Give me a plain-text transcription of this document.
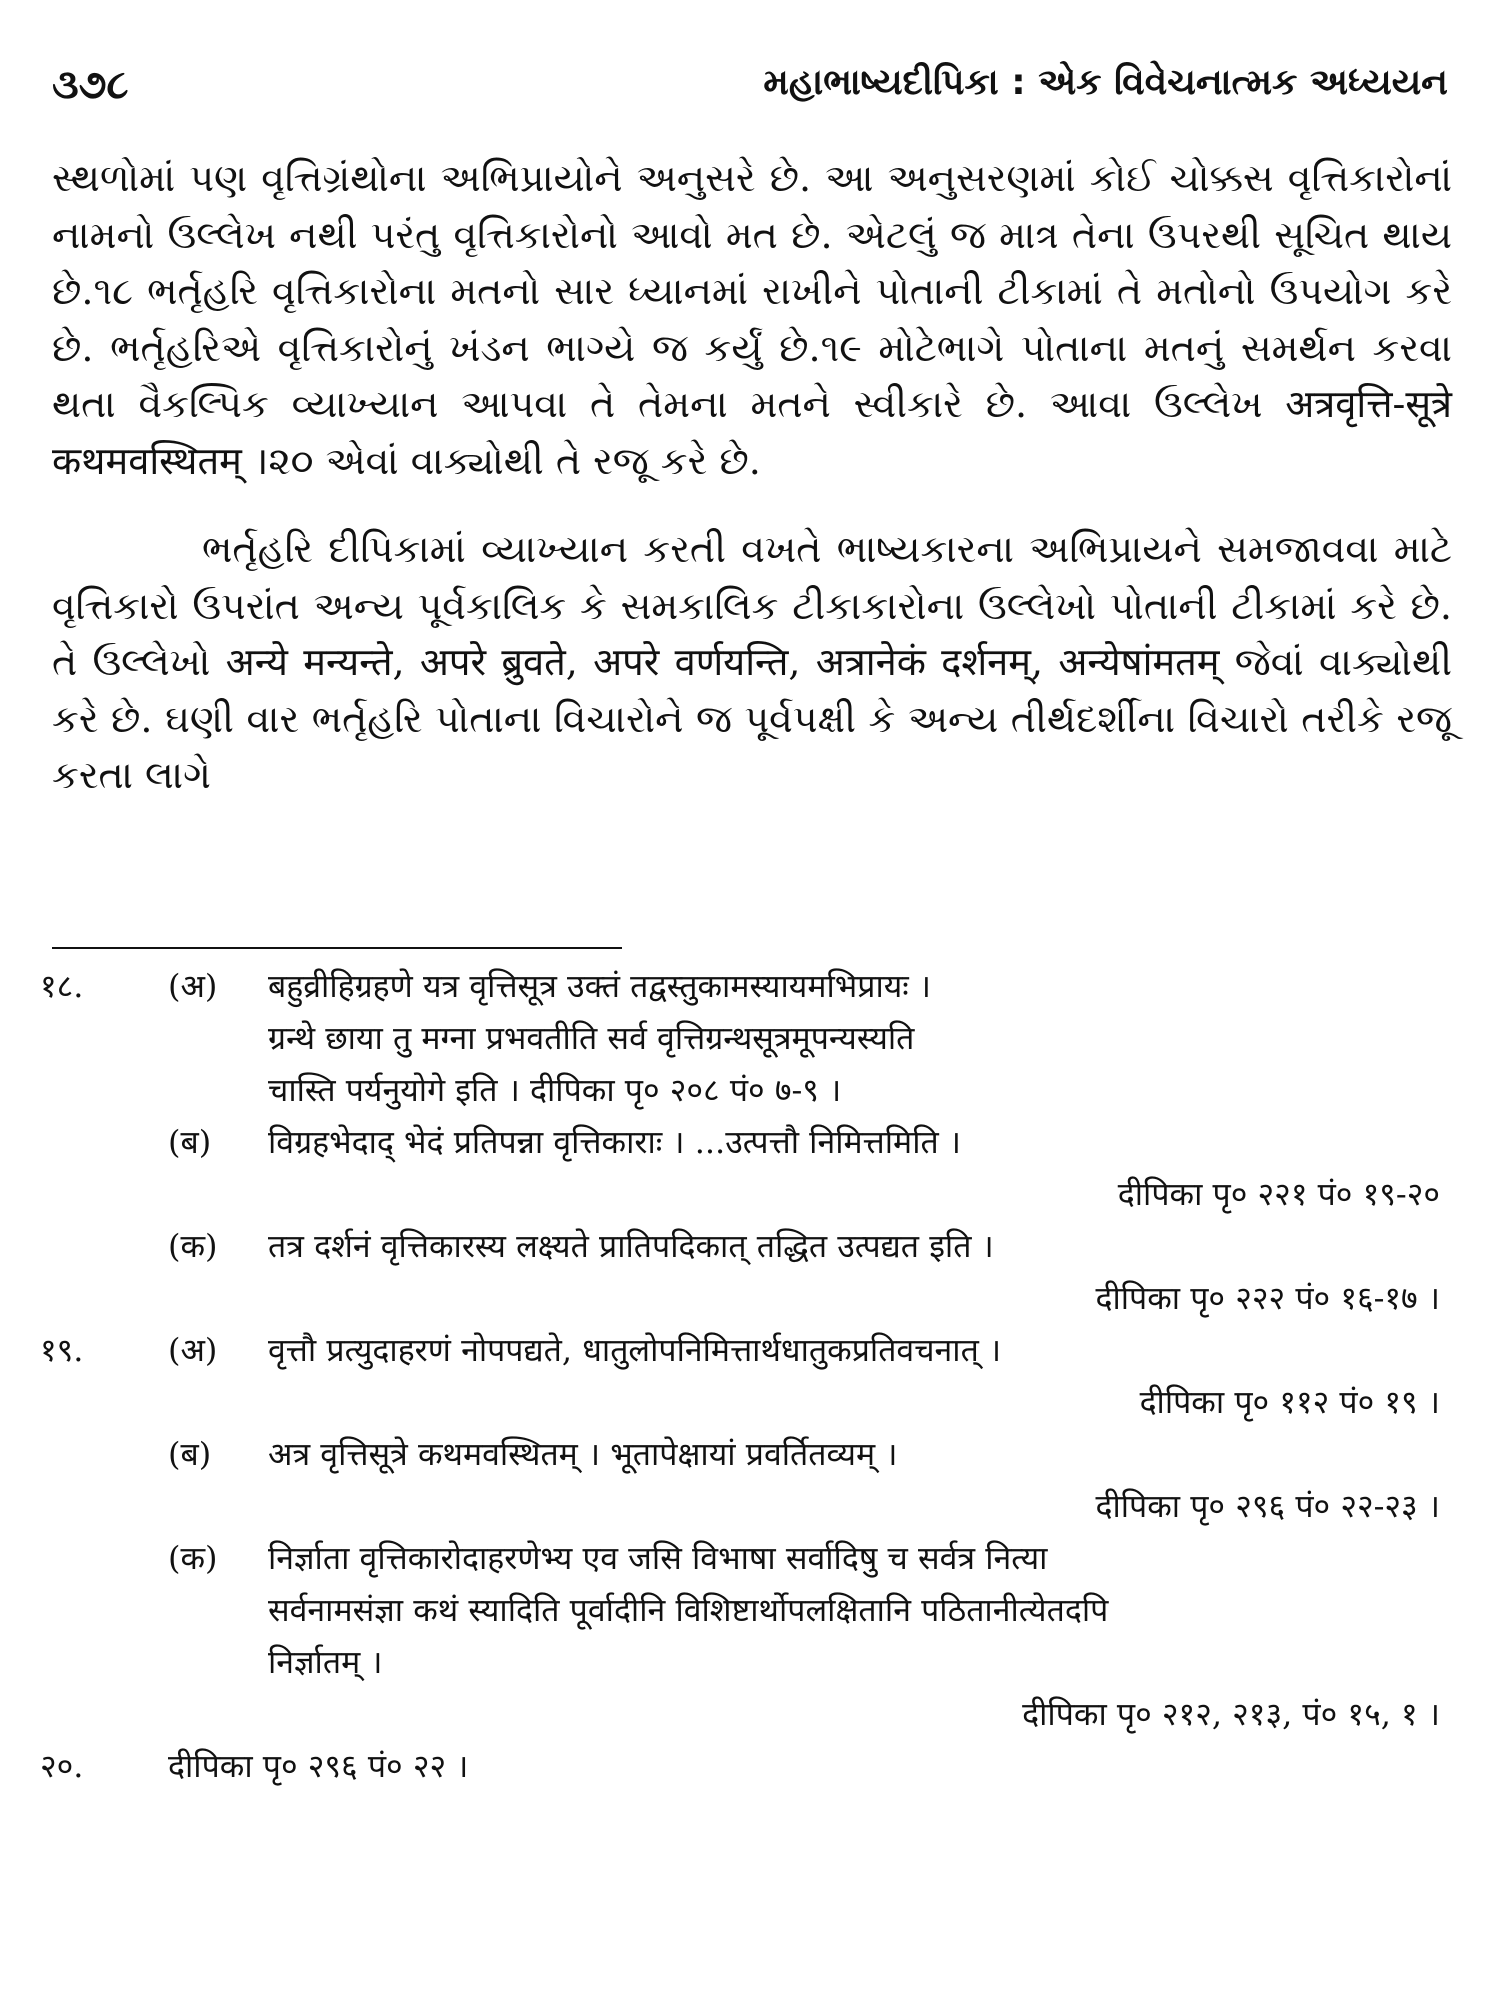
૩૭૮	મહાભાષ્યદીપિકા : એક વિવેચનાત્મક અધ્યયન

સ્થળોમાં પણ વૃત્તિગ્રંથોના અભિપ્રાયોને અનુસરે છે. આ અનુસરણમાં કોઈ ચોક્કસ વૃત્તિકારોનાં નામનો ઉલ્લેખ નથી પરંતુ વૃત્તિકારોનો આવો મત છે. એટલું જ માત્ર તેના ઉપરથી સૂચિત થાય છે.૧૮ ભર્તૃહરિ વૃત્તિકારોના મતનો સાર ધ્યાનમાં રાખીને પોતાની ટીકામાં તે મતોનો ઉપયોગ કરે છે. ભર્તૃહરિએ વૃત્તિકારોનું ખંડન ભાગ્યે જ કર્યું છે.૧૯ મોટેભાગે પોતાના મતનું સમર્થન કરવા થતા વૈકલ્પિક વ્યાખ્યાન આપવા તે તેમના મતને સ્વીકારે છે. આવા ઉલ્લેખ अत्रवृत्ति-सूत्रे कथमवस्थितम् ।૨૦ એવાં વાક્યોથી તે રજૂ કરે છે.

ભર્તૃહરિ દીપિકામાં વ્યાખ્યાન કરતી વખતે ભાષ્યકારના અભિપ્રાયને સમજાવવા માટે વૃત્તિકારો ઉપરાંત અન્ય પૂર્વકાલિક કે સમકાલિક ટીકાકારોના ઉલ્લેખો પોતાની ટીકામાં કરે છે. તે ઉલ્લેખો अन्ये मन्यन्ते, अपरे ब्रुवते, अपरे वर्णयन्ति, अत्रानेकं दर्शनम्, अन्येषांमतम् જેવાં વાક્યોથી કરે છે. ઘણી વાર ભર્તૃહરિ પોતાના વિચારોને જ પૂર્વપક્ષી કે અન્ય તીર્થદર્શીના વિચારો તરીકે રજૂ કરતા લાગે

१८.	(अ) बहुव्रीहिग्रहणे यत्र वृत्तिसूत्र उक्तं तद्वस्तुकामस्यायमभिप्रायः ।

ग्रन्थे छाया तु मग्ना प्रभवतीति सर्व वृत्तिग्रन्थसूत्रमूपन्यस्यति

चास्ति पर्यनुयोगे इति । दीपिका पृ० २०८ पं० ७-९ ।

(ब) विग्रहभेदाद् भेदं प्रतिपन्ना वृत्तिकाराः । ...उत्पत्तौ निमित्तमिति ।

दीपिका पृ० २२१ पं० १९-२०
(क) तत्र दर्शनं वृत्तिकारस्य लक्ष्यते प्रातिपदिकात् तद्धित उत्पद्यत इति ।

दीपिका पृ० २२२ पं० १६-१७ ।
१९.	(अ) वृत्तौ प्रत्युदाहरणं नोपपद्यते, धातुलोपनिमित्तार्थधातुकप्रतिवचनात् ।

दीपिका पृ० ११२ पं० १९ ।
(ब) अत्र वृत्तिसूत्रे कथमवस्थितम् । भूतापेक्षायां प्रवर्तितव्यम् ।

दीपिका पृ० २९६ पं० २२-२३ ।
(क) निर्ज्ञाता वृत्तिकारोदाहरणेभ्य एव जसि विभाषा सर्वादिषु च सर्वत्र नित्या

सर्वनामसंज्ञा कथं स्यादिति पूर्वादीनि विशिष्टार्थोपलक्षितानि पठितानीत्येतदपि

निर्ज्ञातम् ।

दीपिका पृ० २१२, २१३, पं० १५, १ ।
२०.	दीपिका पृ० २९६ पं० २२ ।
